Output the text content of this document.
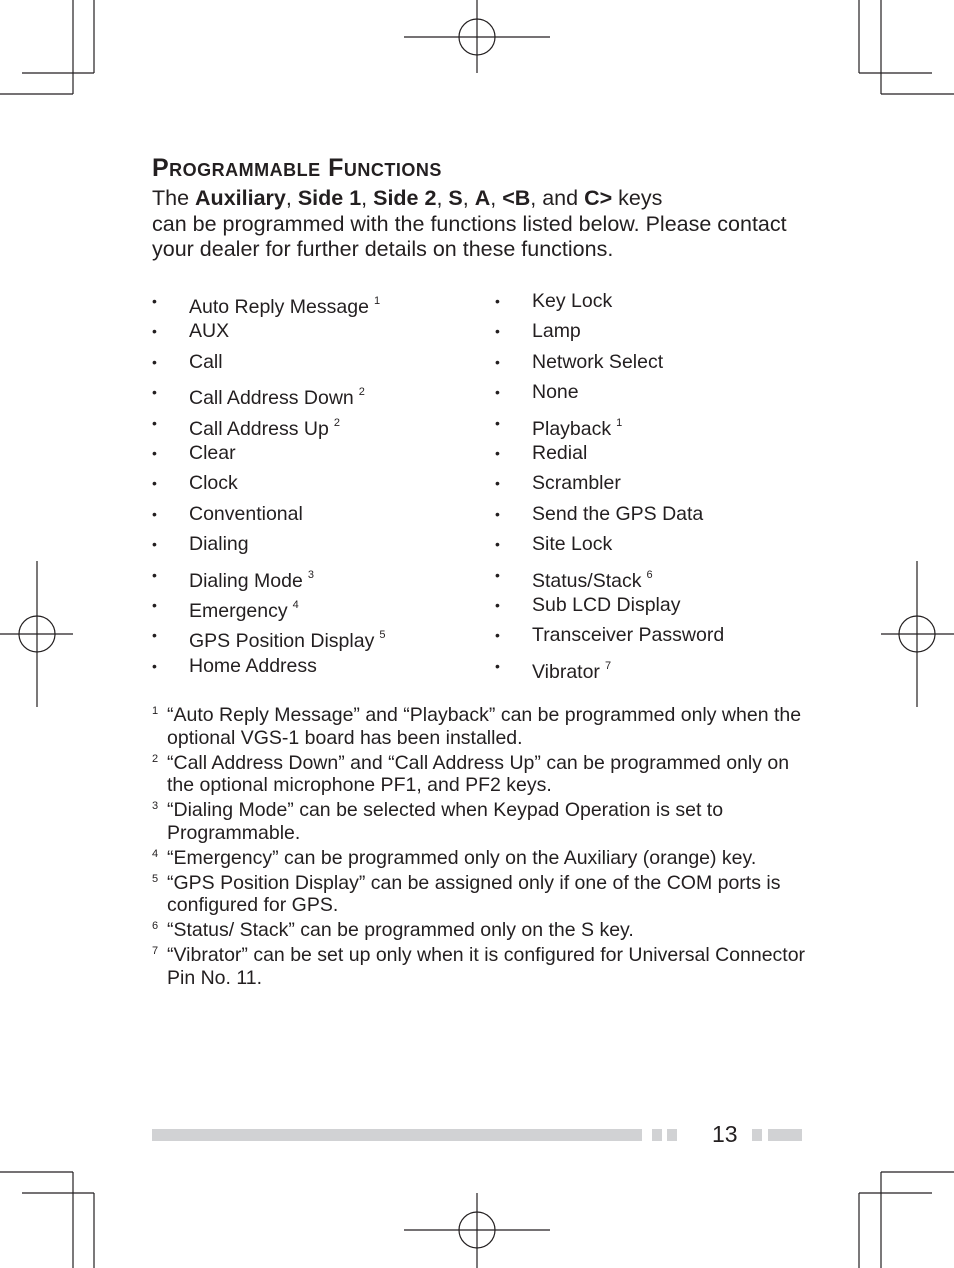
Programmable Functions

The Auxiliary, Side 1, Side 2, S, A, <B, and C> keys
can be programmed with the functions listed below. Please contact your dealer for further details on these functions.

• Auto Reply Message $^1$
• AUX
• Call
• Call Address Down $^2$
• Call Address Up $^2$
• Clear
• Clock
• Conventional
• Dialing
• Dialing Mode $^3$
• Emergency $^4$
• GPS Position Display $^5$
• Home Address
• Key Lock
• Lamp
• Network Select
• None
• Playback $^1$
• Redial
• Scrambler
• Send the GPS Data
• Site Lock
• Status/Stack $^6$
• Sub LCD Display
• Transceiver Password
• Vibrator $^7$
1 “Auto Reply Message” and “Playback” can be programmed only when the optional VGS-1 board has been installed.
2 “Call Address Down” and “Call Address Up” can be programmed only on the optional microphone PF1, and PF2 keys.
3 “Dialing Mode” can be selected when Keypad Operation is set to Programmable.
4 “Emergency” can be programmed only on the Auxiliary (orange) key.
5 “GPS Position Display” can be assigned only if one of the COM ports is configured for GPS.
6 “Status/ Stack” can be programmed only on the S key.
7 “Vibrator” can be set up only when it is configured for Universal Connector Pin No. 11.
13
